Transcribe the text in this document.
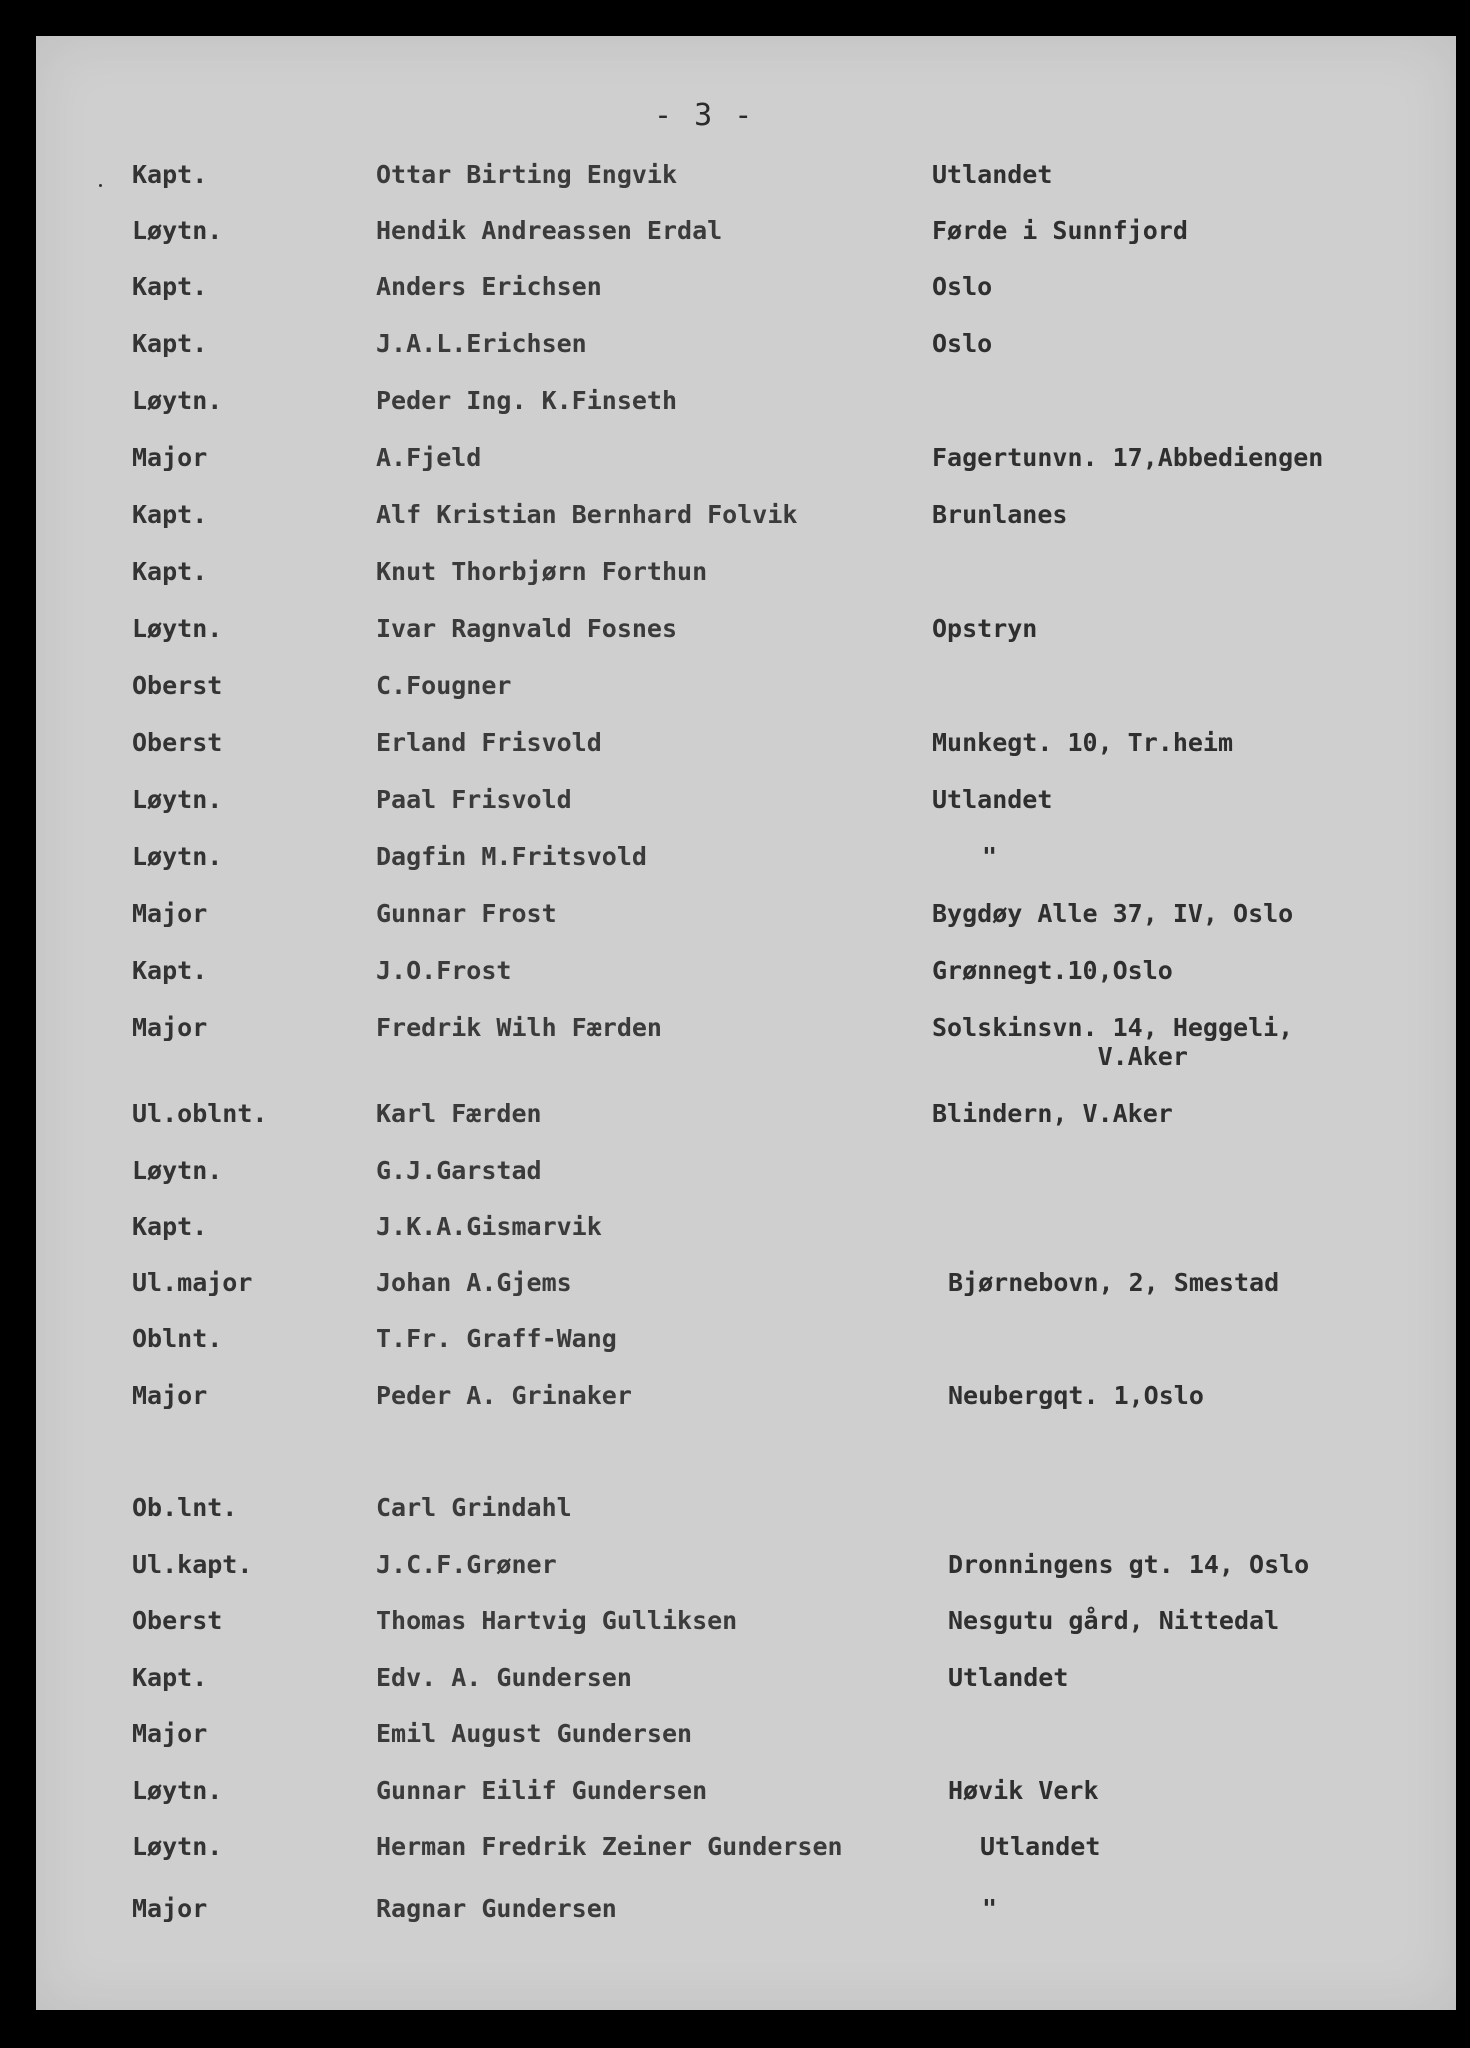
- 3 -
Kapt.	Ottar Birting Engvik	Utlandet
Løytn.	Hendik Andreassen Erdal	Førde i Sunnfjord
Kapt.	Anders Erichsen	Oslo
Kapt.	J.A.L.Erichsen	Oslo
Løytn.	Peder Ing. K.Finseth
Major	A.Fjeld	Fagertunvn. 17,Abbediengen
Kapt.	Alf Kristian Bernhard Folvik	Brunlanes
Kapt.	Knut Thorbjørn Forthun
Løytn.	Ivar Ragnvald Fosnes	Opstryn
Oberst	C.Fougner
Oberst	Erland Frisvold	Munkegt. 10, Tr.heim
Løytn.	Paal Frisvold	Utlandet
Løytn.	Dagfin M.Fritsvold	"
Major	Gunnar Frost	Bygdøy Alle 37, IV, Oslo
Kapt.	J.O.Frost	Grønnegt.10,Oslo
Major	Fredrik Wilh Færden	Solskinsvn. 14, Heggeli,
V.Aker
Ul.oblnt.	Karl Færden	Blindern, V.Aker
Løytn.	G.J.Garstad
Kapt.	J.K.A.Gismarvik
Ul.major	Johan A.Gjems	Bjørnebovn, 2, Smestad
Oblnt.	T.Fr. Graff-Wang
Major	Peder A. Grinaker	Neubergqt. 1,Oslo
Ob.lnt.	Carl Grindahl
Ul.kapt.	J.C.F.Grøner	Dronningens gt. 14, Oslo
Oberst	Thomas Hartvig Gulliksen	Nesgutu gård, Nittedal
Kapt.	Edv. A. Gundersen	Utlandet
Major	Emil August Gundersen
Løytn.	Gunnar Eilif Gundersen	Høvik Verk
Løytn.	Herman Fredrik Zeiner Gundersen	Utlandet
Major	Ragnar Gundersen	"
